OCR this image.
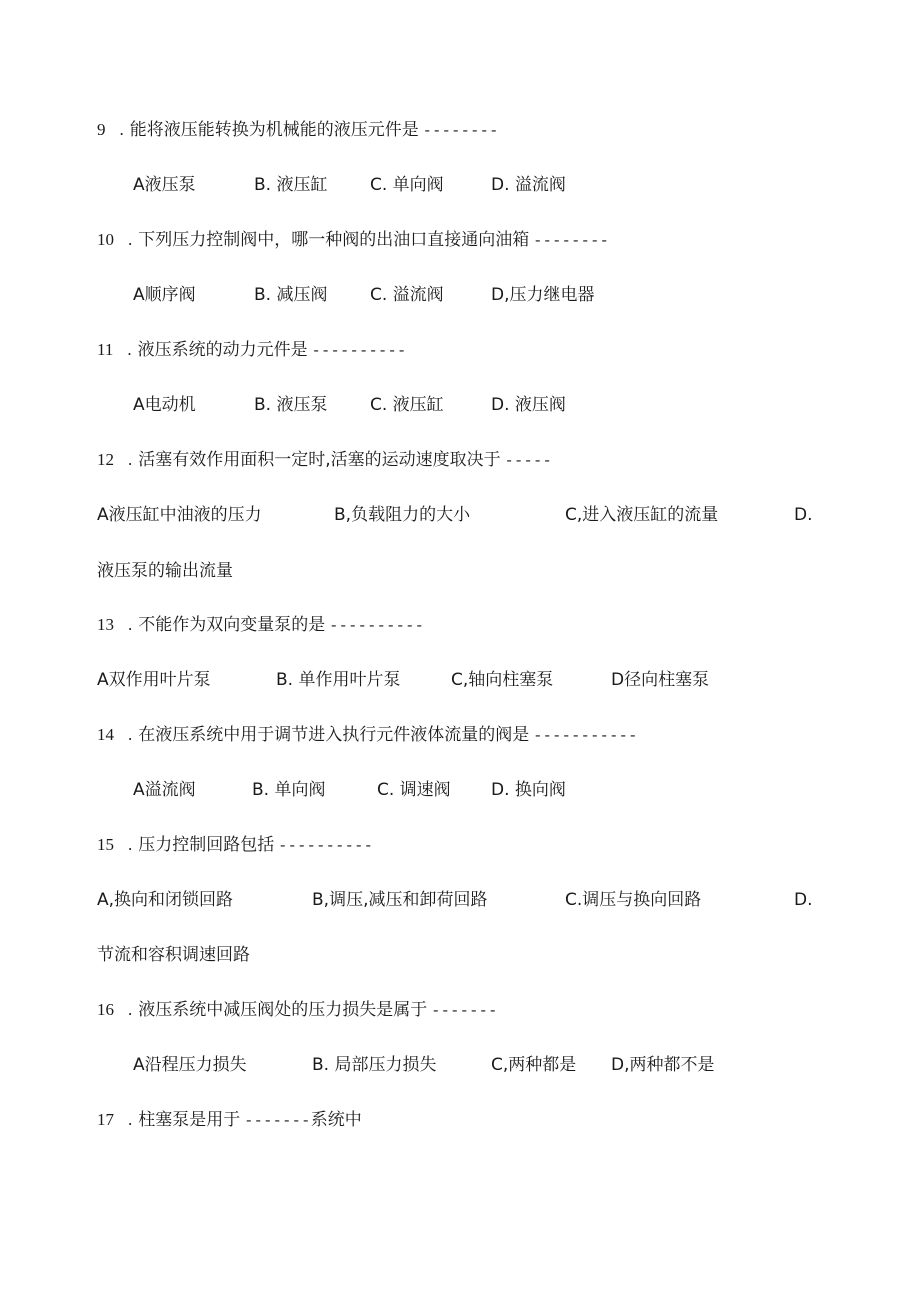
9 . 能将液压能转换为机械能的液压元件是 --------
A液压泵	B. 液压缸	C. 单向阀	D. 溢流阀
10 . 下列压力控制阀中，哪一种阀的出油口直接通向油箱 --------
A顺序阀	B. 减压阀	C. 溢流阀	D,压力继电器
11 . 液压系统的动力元件是 ----------
A电动机	B. 液压泵	C. 液压缸	D. 液压阀
12 . 活塞有效作用面积一定时,活塞的运动速度取决于 -----
A液压缸中油液的压力	B,负载阻力的大小	C,进入液压缸的流量	D.
液压泵的输出流量
13 . 不能作为双向变量泵的是 ----------
A双作用叶片泵	B. 单作用叶片泵	C,轴向柱塞泵	D径向柱塞泵
14 . 在液压系统中用于调节进入执行元件液体流量的阀是 -----------
A溢流阀	B. 单向阀	C. 调速阀 D. 换向阀
15 . 压力控制回路包括 ----------
A,换向和闭锁回路	B,调压,减压和卸荷回路	C.调压与换向回路	D.
节流和容积调速回路
16 . 液压系统中减压阀处的压力损失是属于 -------
A沿程压力损失	B. 局部压力损失	C,两种都是 D,两种都不是
17 . 柱塞泵是用于 -------系统中
